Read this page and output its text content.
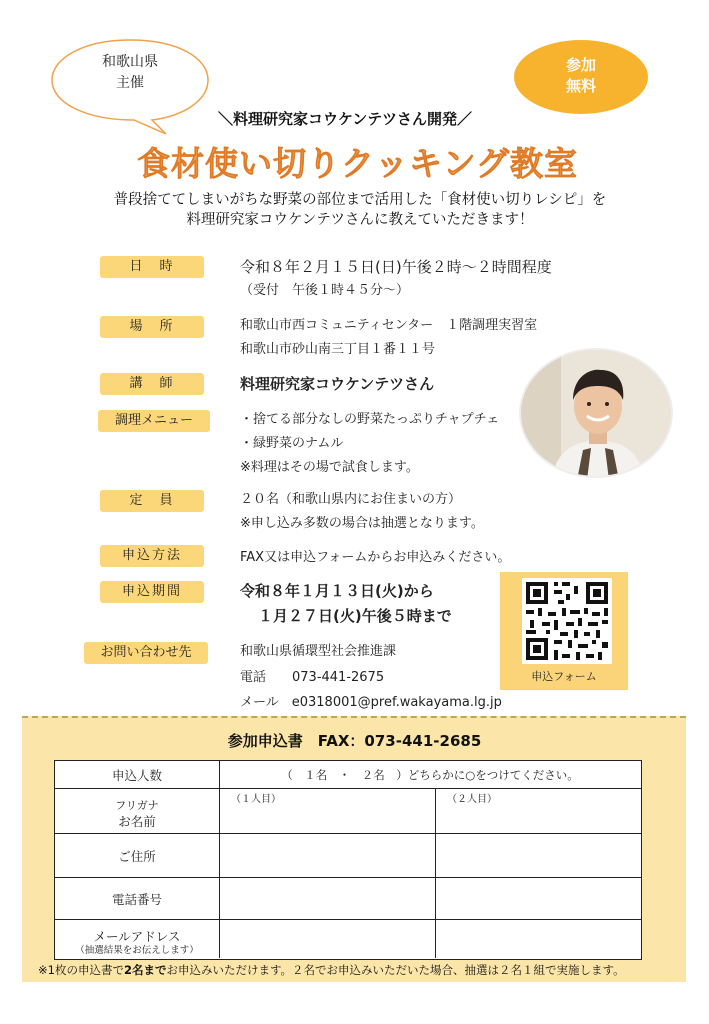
和歌山県
主催
参加
無料
＼料理研究家コウケンテツさん開発／
食材使い切りクッキング教室
普段捨ててしまいがちな野菜の部位まで活用した「食材使い切りレシピ」を
料理研究家コウケンテツさんに教えていただきます！
日　時	令和８年２月１５日(日)午後２時～２時間程度
（受付　午後１時４５分～）
場　所	和歌山市西コミュニティセンター　１階調理実習室
和歌山市砂山南三丁目１番１１号
講　師	料理研究家コウケンテツさん
調理メニュー	・捨てる部分なしの野菜たっぷりチャプチェ
・緑野菜のナムル
※料理はその場で試食します。
定　員	２０名（和歌山県内にお住まいの方）
※申し込み多数の場合は抽選となります。
申込方法	FAX又は申込フォームからお申込みください。
申込期間	令和８年１月１３日(火)から
１月２７日(火)午後５時まで
お問い合わせ先	和歌山県循環型社会推進課
電話　　073-441-2675
メール　e0318001@pref.wakayama.lg.jp
申込フォーム
参加申込書　FAX：073-441-2685
申込人数	（　１名　・　２名　）どちらかに○をつけてください。
フリガナ
お名前
（１人目）	（２人目）
ご住所
電話番号
メールアドレス
（抽選結果をお伝えします）
※1枚の申込書で2名までお申込みいただけます。２名でお申込みいただいた場合、抽選は２名１組で実施します。
